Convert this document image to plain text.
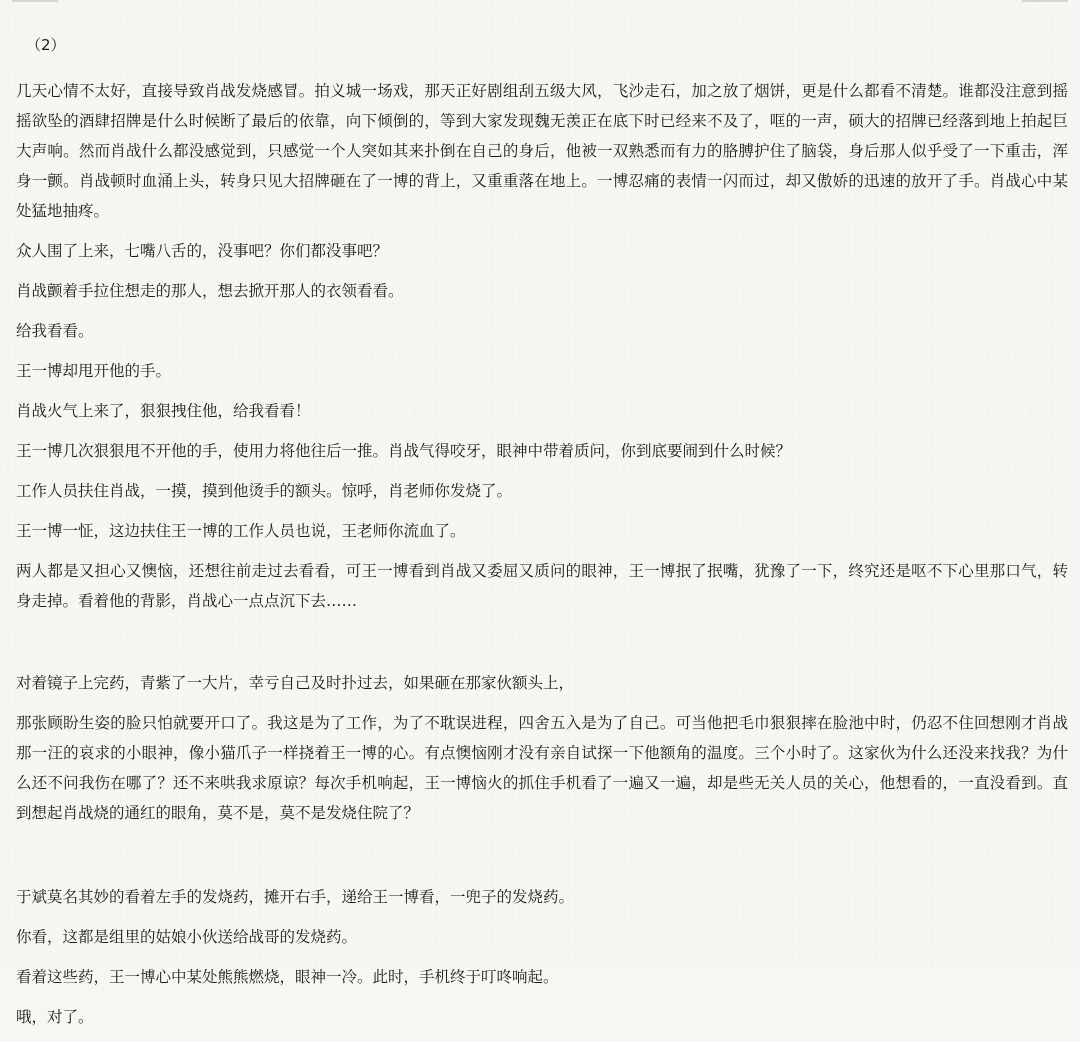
（2）

几天心情不太好，直接导致肖战发烧感冒。拍义城一场戏，那天正好剧组刮五级大风，飞沙走石，加之放了烟饼，更是什么都看不清楚。谁都没注意到摇摇欲坠的酒肆招牌是什么时候断了最后的依靠，向下倾倒的，等到大家发现魏无羡正在底下时已经来不及了，哐的一声，硕大的招牌已经落到地上拍起巨大声响。然而肖战什么都没感觉到，只感觉一个人突如其来扑倒在自己的身后，他被一双熟悉而有力的胳膊护住了脑袋，身后那人似乎受了一下重击，浑身一颤。肖战顿时血涌上头，转身只见大招牌砸在了一博的背上，又重重落在地上。一博忍痛的表情一闪而过，却又傲娇的迅速的放开了手。肖战心中某处猛地抽疼。

众人围了上来，七嘴八舌的，没事吧？你们都没事吧？

肖战颤着手拉住想走的那人，想去掀开那人的衣领看看。

给我看看。

王一博却甩开他的手。

肖战火气上来了，狠狠拽住他，给我看看！

王一博几次狠狠甩不开他的手，使用力将他往后一推。肖战气得咬牙，眼神中带着质问，你到底要闹到什么时候？

工作人员扶住肖战，一摸，摸到他烫手的额头。惊呼，肖老师你发烧了。

王一博一怔，这边扶住王一博的工作人员也说，王老师你流血了。

两人都是又担心又懊恼，还想往前走过去看看，可王一博看到肖战又委屈又质问的眼神，王一博抿了抿嘴，犹豫了一下，终究还是呕不下心里那口气，转身走掉。看着他的背影，肖战心一点点沉下去……

对着镜子上完药，青紫了一大片，幸亏自己及时扑过去，如果砸在那家伙额头上，

那张顾盼生姿的脸只怕就要开口了。我这是为了工作，为了不耽误进程，四舍五入是为了自己。可当他把毛巾狠狠摔在脸池中时，仍忍不住回想刚才肖战那一汪的哀求的小眼神，像小猫爪子一样挠着王一博的心。有点懊恼刚才没有亲自试探一下他额角的温度。三个小时了。这家伙为什么还没来找我？为什么还不问我伤在哪了？还不来哄我求原谅？每次手机响起，王一博恼火的抓住手机看了一遍又一遍，却是些无关人员的关心，他想看的，一直没看到。直到想起肖战烧的通红的眼角，莫不是，莫不是发烧住院了？

于斌莫名其妙的看着左手的发烧药，摊开右手，递给王一博看，一兜子的发烧药。

你看，这都是组里的姑娘小伙送给战哥的发烧药。

看着这些药，王一博心中某处熊熊燃烧，眼神一冷。此时，手机终于叮咚响起。

哦，对了。
